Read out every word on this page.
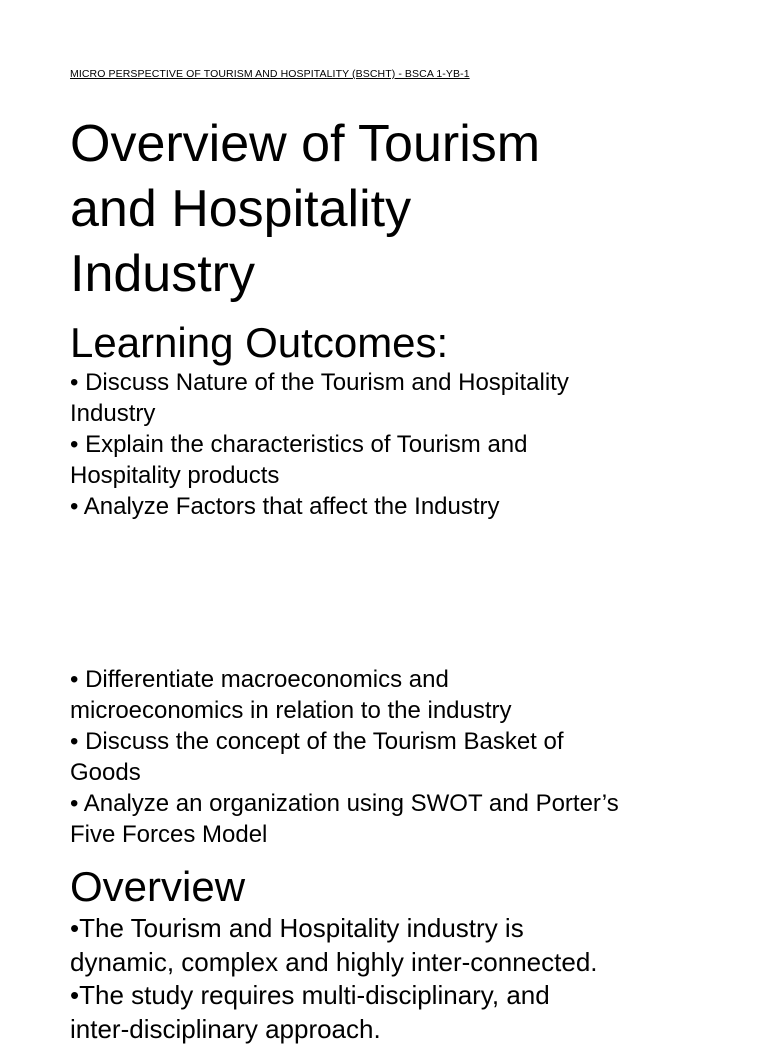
MICRO PERSPECTIVE OF TOURISM AND HOSPITALITY (BSCHT) - BSCA 1-YB-1
Overview of Tourism
and Hospitality
Industry
Learning Outcomes:
• Discuss Nature of the Tourism and Hospitality
Industry
• Explain the characteristics of Tourism and
Hospitality products
• Analyze Factors that affect the Industry
• Differentiate macroeconomics and
microeconomics in relation to the industry
• Discuss the concept of the Tourism Basket of
Goods
• Analyze an organization using SWOT and Porter’s
Five Forces Model
Overview
•The Tourism and Hospitality industry is
dynamic, complex and highly inter-connected.
•The study requires multi-disciplinary, and
inter-disciplinary approach.
